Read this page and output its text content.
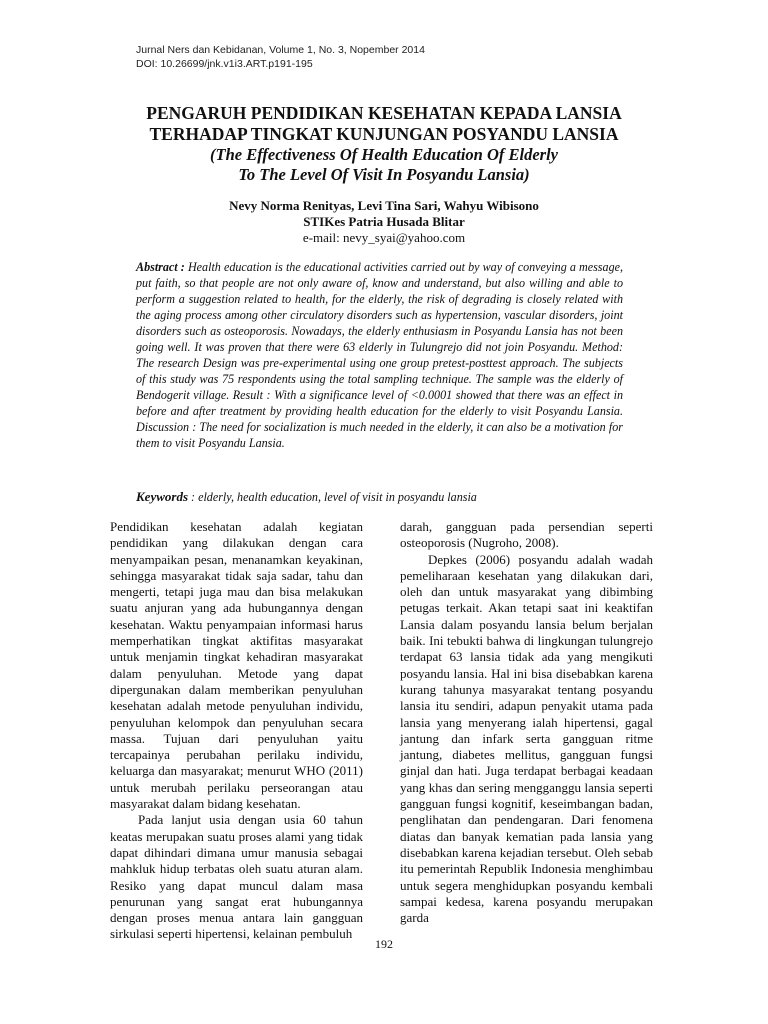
Jurnal Ners dan Kebidanan, Volume 1, No. 3, Nopember 2014
DOI: 10.26699/jnk.v1i3.ART.p191-195
PENGARUH PENDIDIKAN KESEHATAN KEPADA LANSIA
TERHADAP TINGKAT KUNJUNGAN POSYANDU LANSIA
(The Effectiveness Of Health Education Of Elderly
To The Level Of Visit In Posyandu Lansia)
Nevy Norma Renityas, Levi Tina Sari, Wahyu Wibisono
STIKes Patria Husada Blitar
e-mail: nevy_syai@yahoo.com
Abstract : Health education is the educational activities carried out by way of conveying a message, put faith, so that people are not only aware of, know and understand, but also willing and able to perform a suggestion related to health, for the elderly, the risk of degrading is closely related with the aging process among other circulatory disorders such as hypertension, vascular disorders, joint disorders such as osteoporosis. Nowadays, the elderly enthusiasm in Posyandu Lansia has not been going well. It was proven that there were 63 elderly in Tulungrejo did not join Posyandu. Method: The research Design was pre-experimental using one group pretest-posttest approach. The subjects of this study was 75 respondents using the total sampling technique. The sample was the elderly of Bendogerit village. Result : With a significance level of <0.0001 showed that there was an effect in before and after treatment by providing health education for the elderly to visit Posyandu Lansia. Discussion : The need for socialization is much needed in the elderly, it can also be a motivation for them to visit Posyandu Lansia.
Keywords : elderly, health education, level of visit in posyandu lansia

Pendidikan kesehatan adalah kegiatan pendidikan yang dilakukan dengan cara menyampaikan pesan, menanamkan keyakinan, sehingga masyarakat tidak saja sadar, tahu dan mengerti, tetapi juga mau dan bisa melakukan suatu anjuran yang ada hubungannya dengan kesehatan. Waktu penyampaian informasi harus memperhatikan tingkat aktifitas masyarakat untuk menjamin tingkat kehadiran masyarakat dalam penyuluhan. Metode yang dapat dipergunakan dalam memberikan penyuluhan kesehatan adalah metode penyuluhan individu, penyuluhan kelompok dan penyuluhan secara massa. Tujuan dari penyuluhan yaitu tercapainya perubahan perilaku individu, keluarga dan masyarakat; menurut WHO (2011) untuk merubah perilaku perseorangan atau masyarakat dalam bidang kesehatan.

Pada lanjut usia dengan usia 60 tahun keatas merupakan suatu proses alami yang tidak dapat dihindari dimana umur manusia sebagai mahkluk hidup terbatas oleh suatu aturan alam. Resiko yang dapat muncul dalam masa penurunan yang sangat erat hubungannya dengan proses menua antara lain gangguan sirkulasi seperti hipertensi, kelainan pembuluh

darah, gangguan pada persendian seperti osteoporosis (Nugroho, 2008).

Depkes (2006) posyandu adalah wadah pemeliharaan kesehatan yang dilakukan dari, oleh dan untuk masyarakat yang dibimbing petugas terkait. Akan tetapi saat ini keaktifan Lansia dalam posyandu lansia belum berjalan baik. Ini tebukti bahwa di lingkungan tulungrejo terdapat 63 lansia tidak ada yang mengikuti posyandu lansia. Hal ini bisa disebabkan karena kurang tahunya masyarakat tentang posyandu lansia itu sendiri, adapun penyakit utama pada lansia yang menyerang ialah hipertensi, gagal jantung dan infark serta gangguan ritme jantung, diabetes mellitus, gangguan fungsi ginjal dan hati. Juga terdapat berbagai keadaan yang khas dan sering mengganggu lansia seperti gangguan fungsi kognitif, keseimbangan badan, penglihatan dan pendengaran. Dari fenomena diatas dan banyak kematian pada lansia yang disebabkan karena kejadian tersebut. Oleh sebab itu pemerintah Republik Indonesia menghimbau untuk segera menghidupkan posyandu kembali sampai kedesa, karena posyandu merupakan garda

192
